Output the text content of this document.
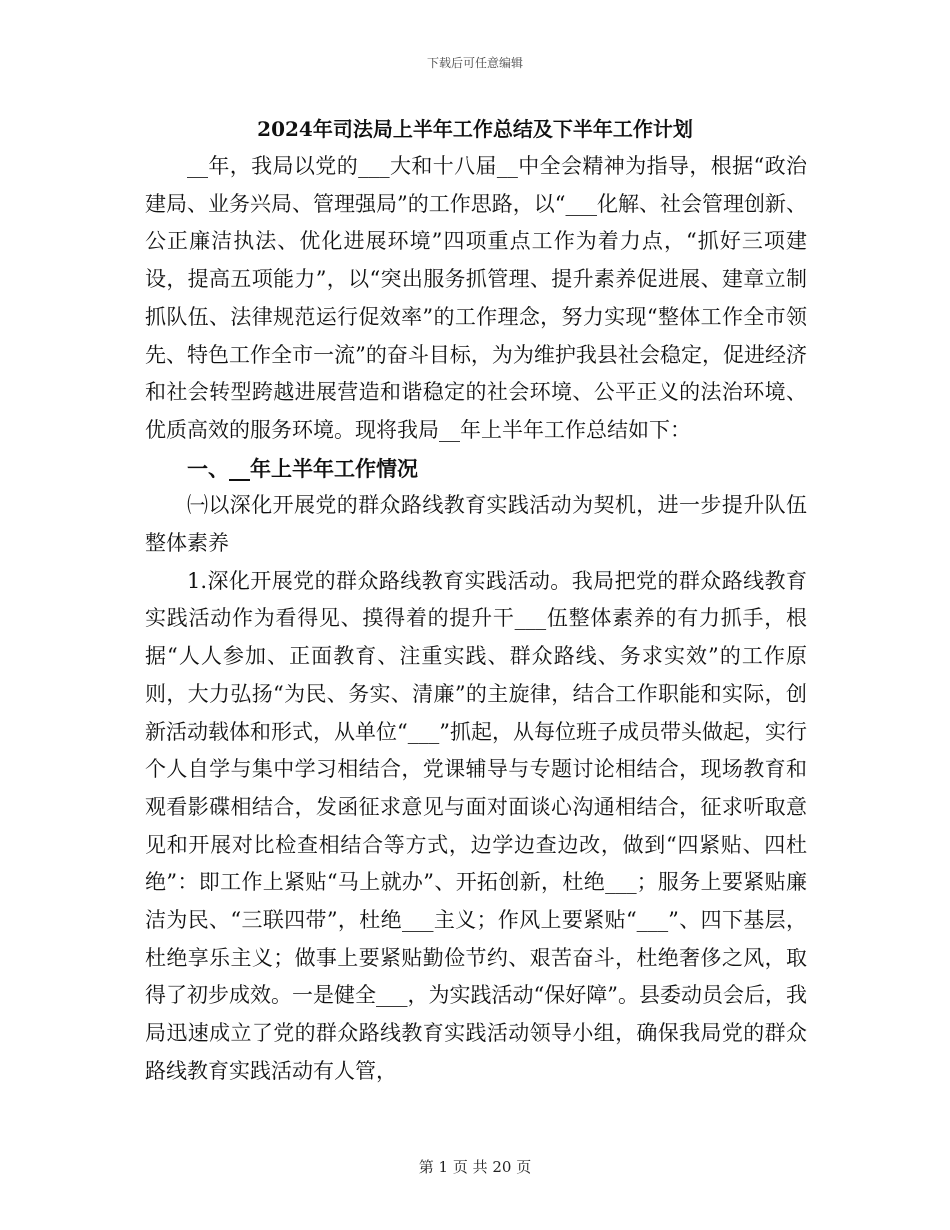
下载后可任意编辑
2024年司法局上半年工作总结及下半年工作计划

__年，我局以党的___大和十八届__中全会精神为指导，根据“政治建局、业务兴局、管理强局”的工作思路，以“___化解、社会管理创新、公正廉洁执法、优化进展环境”四项重点工作为着力点，“抓好三项建设，提高五项能力”，以“突出服务抓管理、提升素养促进展、建章立制抓队伍、法律规范运行促效率”的工作理念，努力实现“整体工作全市领先、特色工作全市一流”的奋斗目标，为为维护我县社会稳定，促进经济和社会转型跨越进展营造和谐稳定的社会环境、公平正义的法治环境、优质高效的服务环境。现将我局__年上半年工作总结如下：

一、__年上半年工作情况

㈠以深化开展党的群众路线教育实践活动为契机，进一步提升队伍整体素养

1.深化开展党的群众路线教育实践活动。我局把党的群众路线教育实践活动作为看得见、摸得着的提升干___伍整体素养的有力抓手，根据“人人参加、正面教育、注重实践、群众路线、务求实效”的工作原则，大力弘扬“为民、务实、清廉”的主旋律，结合工作职能和实际，创新活动载体和形式，从单位“___”抓起，从每位班子成员带头做起，实行个人自学与集中学习相结合，党课辅导与专题讨论相结合，现场教育和观看影碟相结合，发函征求意见与面对面谈心沟通相结合，征求听取意见和开展对比检查相结合等方式，边学边查边改，做到“四紧贴、四杜绝”：即工作上紧贴“马上就办”、开拓创新，杜绝___；服务上要紧贴廉洁为民、“三联四带”，杜绝___主义；作风上要紧贴“___”、四下基层，杜绝享乐主义；做事上要紧贴勤俭节约、艰苦奋斗，杜绝奢侈之风，取得了初步成效。一是健全___，为实践活动“保好障”。县委动员会后，我局迅速成立了党的群众路线教育实践活动领导小组，确保我局党的群众路线教育实践活动有人管，

第 1 页 共 20 页
